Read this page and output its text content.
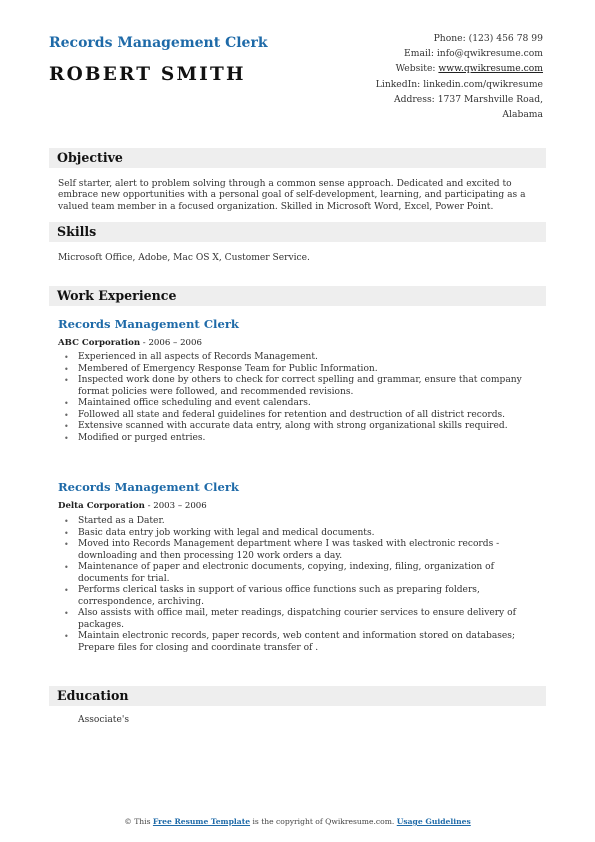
Records Management Clerk
ROBERT SMITH
Phone: (123) 456 78 99
Email: info@qwikresume.com
Website: www.qwikresume.com
LinkedIn: linkedin.com/qwikresume
Address: 1737 Marshville Road,
Alabama
Objective
Self starter, alert to problem solving through a common sense approach. Dedicated and excited to embrace new opportunities with a personal goal of self-development, learning, and participating as a valued team member in a focused organization. Skilled in Microsoft Word, Excel, Power Point.
Skills
Microsoft Office, Adobe, Mac OS X, Customer Service.
Work Experience
Records Management Clerk
ABC Corporation - 2006 – 2006
• Experienced in all aspects of Records Management.
• Membered of Emergency Response Team for Public Information.
• Inspected work done by others to check for correct spelling and grammar, ensure that company format policies were followed, and recommended revisions.
• Maintained office scheduling and event calendars.
• Followed all state and federal guidelines for retention and destruction of all district records.
• Extensive scanned with accurate data entry, along with strong organizational skills required.
• Modified or purged entries.
Records Management Clerk
Delta Corporation - 2003 – 2006
• Started as a Dater.
• Basic data entry job working with legal and medical documents.
• Moved into Records Management department where I was tasked with electronic records - downloading and then processing 120 work orders a day.
• Maintenance of paper and electronic documents, copying, indexing, filing, organization of documents for trial.
• Performs clerical tasks in support of various office functions such as preparing folders, correspondence, archiving.
• Also assists with office mail, meter readings, dispatching courier services to ensure delivery of packages.
• Maintain electronic records, paper records, web content and information stored on databases; Prepare files for closing and coordinate transfer of .
Education
Associate's
© This Free Resume Template is the copyright of Qwikresume.com. Usage Guidelines
